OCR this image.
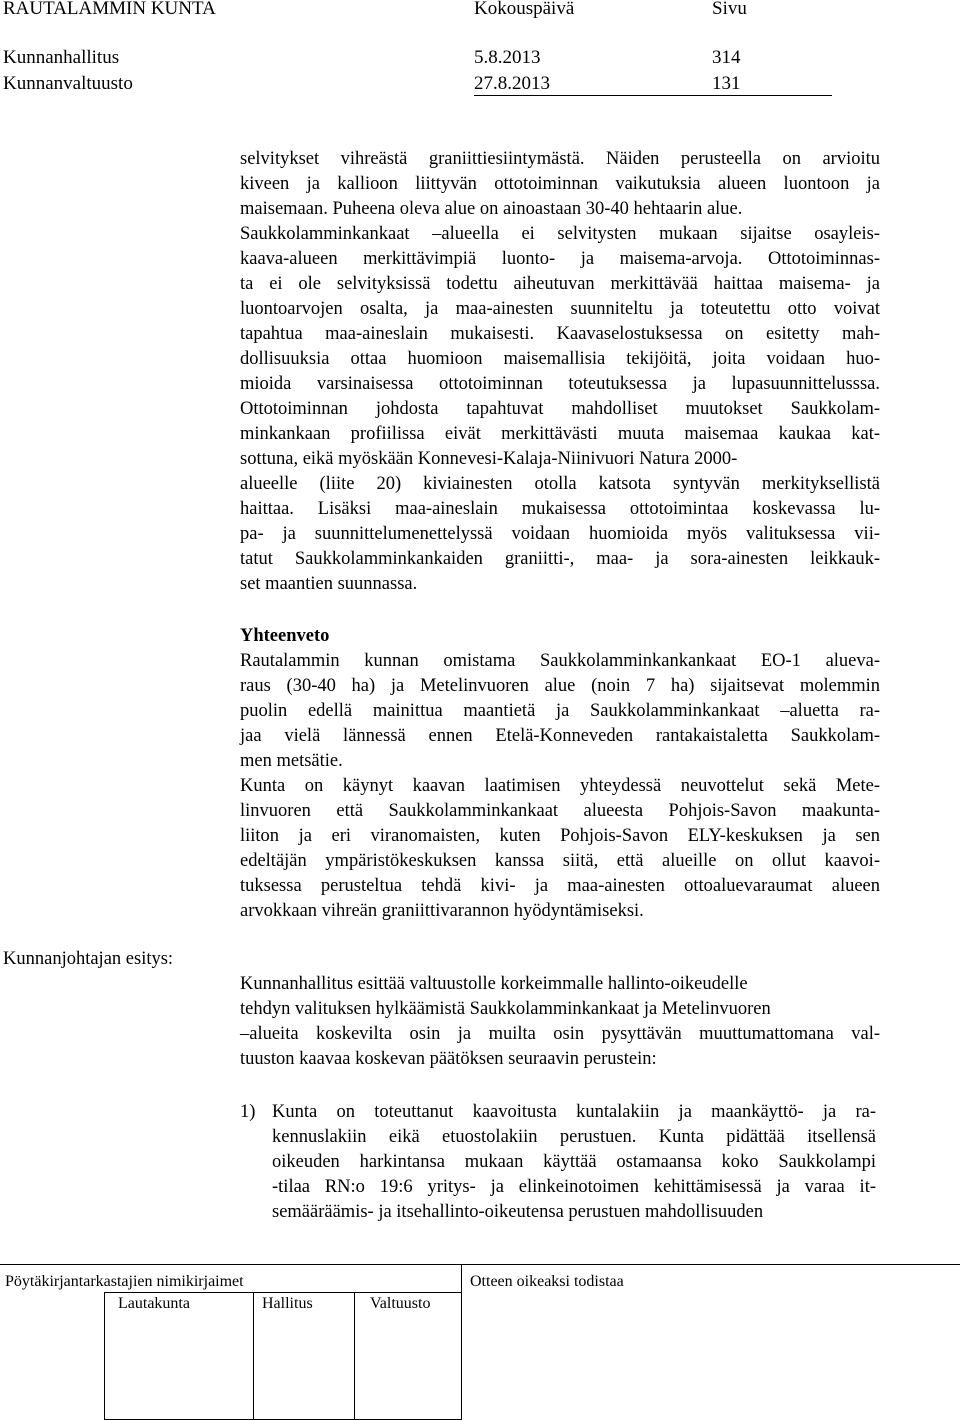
RAUTALAMMIN KUNTA	Kokouspäivä	Sivu
Kunnanhallitus	5.8.2013	314
Kunnanvaltuusto	27.8.2013	131
selvitykset vihreästä graniittiesiintymästä. Näiden perusteella on arvioitu
kiveen ja kallioon liittyvän ottotoiminnan vaikutuksia alueen luontoon ja
maisemaan. Puheena oleva alue on ainoastaan 30-40 hehtaarin alue.
Saukkolamminkankaat –alueella ei selvitysten mukaan sijaitse osayleis-
kaava-alueen merkittävimpiä luonto- ja maisema-arvoja. Ottotoiminnas-
ta ei ole selvityksissä todettu aiheutuvan merkittävää haittaa maisema- ja
luontoarvojen osalta, ja maa-ainesten suunniteltu ja toteutettu otto voivat
tapahtua maa-aineslain mukaisesti. Kaavaselostuksessa on esitetty mah-
dollisuuksia ottaa huomioon maisemallisia tekijöitä, joita voidaan huo-
mioida varsinaisessa ottotoiminnan toteutuksessa ja lupasuunnittelusssa.
Ottotoiminnan johdosta tapahtuvat mahdolliset muutokset Saukkolam-
minkankaan profiilissa eivät merkittävästi muuta maisemaa kaukaa kat-
sottuna, eikä myöskään Konnevesi-Kalaja-Niinivuori Natura 2000-
alueelle (liite 20) kiviainesten otolla katsota syntyvän merkityksellistä
haittaa. Lisäksi maa-aineslain mukaisessa ottotoimintaa koskevassa lu-
pa- ja suunnittelumenettelyssä voidaan huomioida myös valituksessa vii-
tatut Saukkolamminkankaiden graniitti-, maa- ja sora-ainesten leikkauk-
set maantien suunnassa.
Yhteenveto
Rautalammin kunnan omistama Saukkolamminkankankaat EO-1 alueva-
raus (30-40 ha) ja Metelinvuoren alue (noin 7 ha) sijaitsevat molemmin
puolin edellä mainittua maantietä ja Saukkolamminkankaat –aluetta ra-
jaa vielä lännessä ennen Etelä-Konneveden rantakaistaletta Saukkolam-
men metsätie.
Kunta on käynyt kaavan laatimisen yhteydessä neuvottelut sekä Mete-
linvuoren että Saukkolamminkankaat alueesta Pohjois-Savon maakunta-
liiton ja eri viranomaisten, kuten Pohjois-Savon ELY-keskuksen ja sen
edeltäjän ympäristökeskuksen kanssa siitä, että alueille on ollut kaavoi-
tuksessa perusteltua tehdä kivi- ja maa-ainesten ottoaluevaraumat alueen
arvokkaan vihreän graniittivarannon hyödyntämiseksi.
Kunnanjohtajan esitys:
Kunnanhallitus esittää valtuustolle korkeimmalle hallinto-oikeudelle
tehdyn valituksen hylkäämistä Saukkolamminkankaat ja Metelinvuoren
–alueita koskevilta osin ja muilta osin pysyttävän muuttumattomana val-
tuuston kaavaa koskevan päätöksen seuraavin perustein:
1) Kunta on toteuttanut kaavoitusta kuntalakiin ja maankäyttö- ja ra-
kennuslakiin eikä etuostolakiin perustuen. Kunta pidättää itsellensä
oikeuden harkintansa mukaan käyttää ostamaansa koko Saukkolampi
-tilaa RN:o 19:6 yritys- ja elinkeinotoimen kehittämisessä ja varaa it-
semääräämis- ja itsehallinto-oikeutensa perustuen mahdollisuuden
Pöytäkirjantarkastajien nimikirjaimet	Otteen oikeaksi todistaa
Lautakunta	Hallitus	Valtuusto
